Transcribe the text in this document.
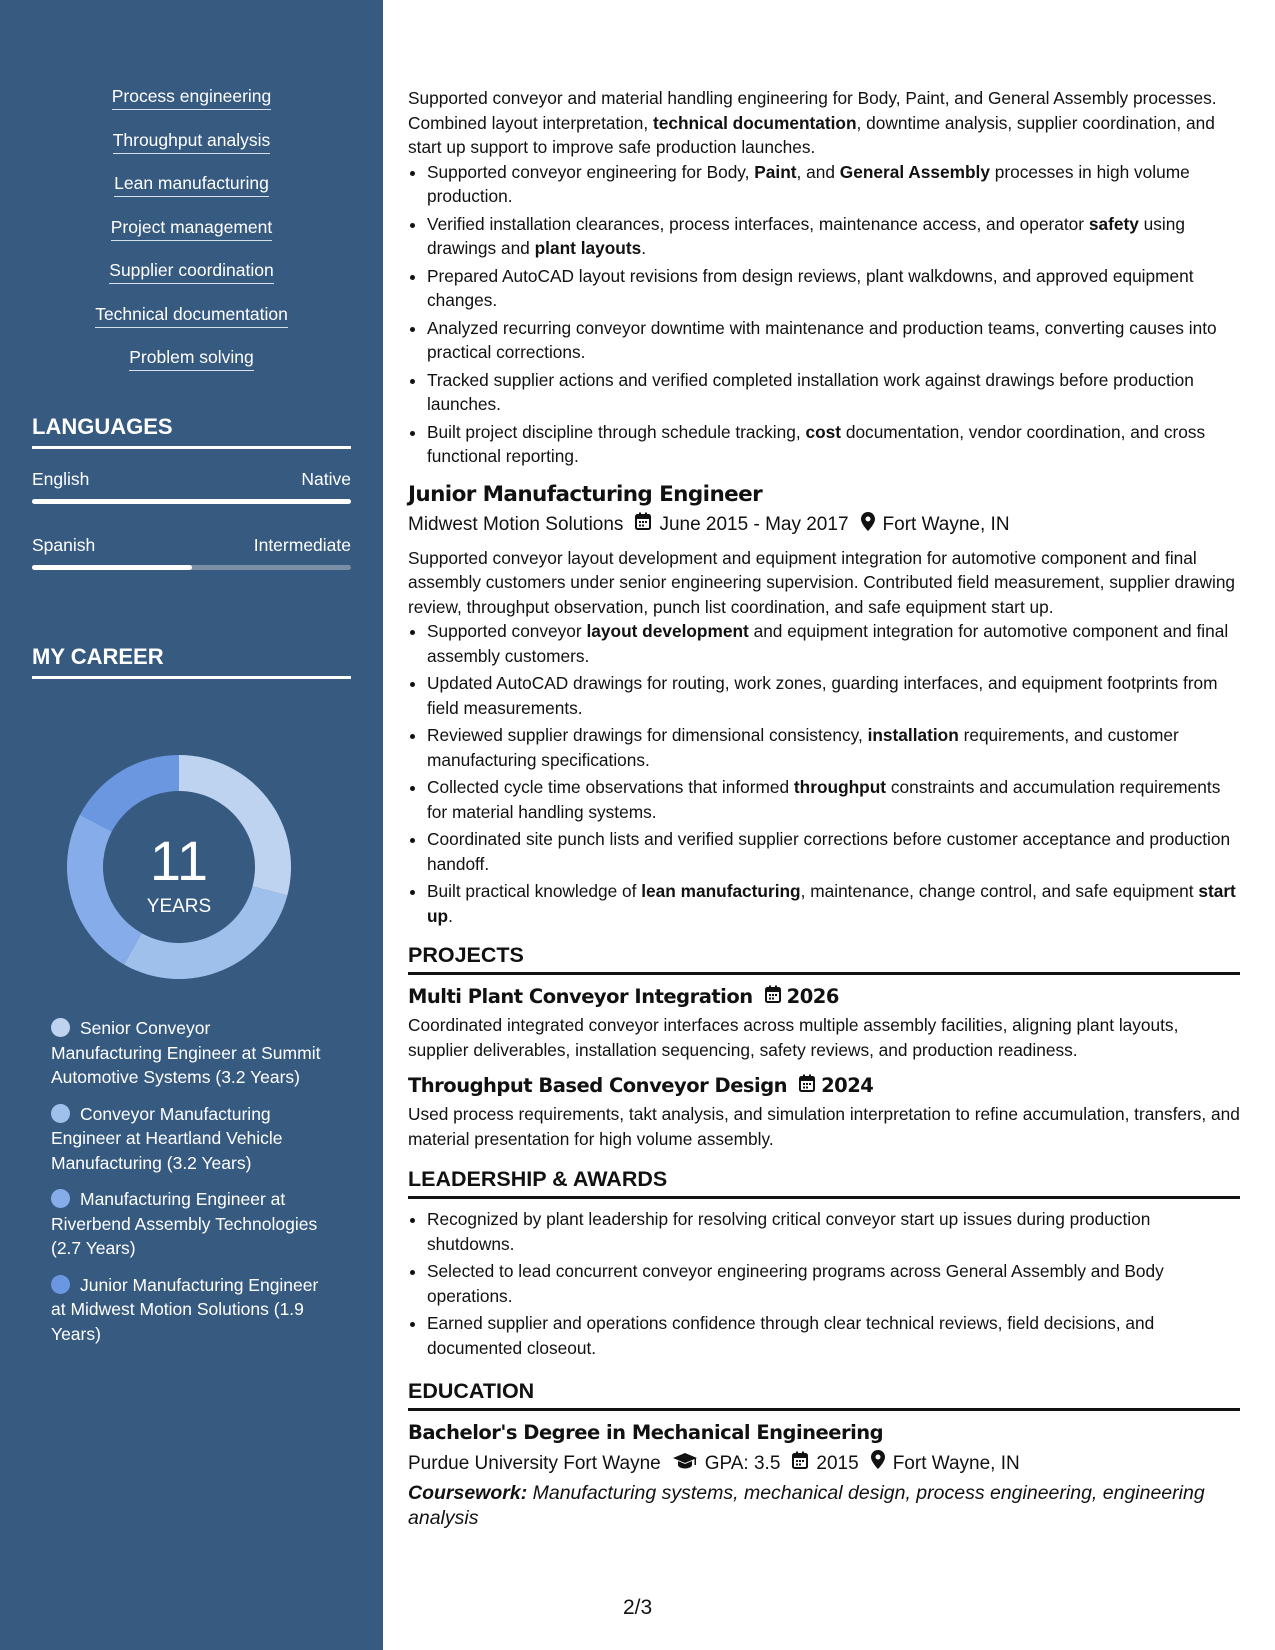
Process engineering
Throughput analysis
Lean manufacturing
Project management
Supplier coordination
Technical documentation
Problem solving
LANGUAGES
English	Native
Spanish	Intermediate
MY CAREER
11
YEARS
Senior Conveyor Manufacturing Engineer at Summit Automotive Systems (3.2 Years)
Conveyor Manufacturing Engineer at Heartland Vehicle Manufacturing (3.2 Years)
Manufacturing Engineer at Riverbend Assembly Technologies (2.7 Years)
Junior Manufacturing Engineer at Midwest Motion Solutions (1.9 Years)

Supported conveyor and material handling engineering for Body, Paint, and General Assembly processes. Combined layout interpretation, technical documentation, downtime analysis, supplier coordination, and start up support to improve safe production launches.

• Supported conveyor engineering for Body, Paint, and General Assembly processes in high volume production.
• Verified installation clearances, process interfaces, maintenance access, and operator safety using drawings and plant layouts.
• Prepared AutoCAD layout revisions from design reviews, plant walkdowns, and approved equipment changes.
• Analyzed recurring conveyor downtime with maintenance and production teams, converting causes into practical corrections.
• Tracked supplier actions and verified completed installation work against drawings before production launches.
• Built project discipline through schedule tracking, cost documentation, vendor coordination, and cross functional reporting.
Junior Manufacturing Engineer
Midwest Motion Solutions June 2015 - May 2017 Fort Wayne, IN

Supported conveyor layout development and equipment integration for automotive component and final assembly customers under senior engineering supervision. Contributed field measurement, supplier drawing review, throughput observation, punch list coordination, and safe equipment start up.

• Supported conveyor layout development and equipment integration for automotive component and final assembly customers.
• Updated AutoCAD drawings for routing, work zones, guarding interfaces, and equipment footprints from field measurements.
• Reviewed supplier drawings for dimensional consistency, installation requirements, and customer manufacturing specifications.
• Collected cycle time observations that informed throughput constraints and accumulation requirements for material handling systems.
• Coordinated site punch lists and verified supplier corrections before customer acceptance and production handoff.
• Built practical knowledge of lean manufacturing, maintenance, change control, and safe equipment start up.
PROJECTS
Multi Plant Conveyor Integration 2026

Coordinated integrated conveyor interfaces across multiple assembly facilities, aligning plant layouts, supplier deliverables, installation sequencing, safety reviews, and production readiness.

Throughput Based Conveyor Design 2024

Used process requirements, takt analysis, and simulation interpretation to refine accumulation, transfers, and material presentation for high volume assembly.

LEADERSHIP & AWARDS
• Recognized by plant leadership for resolving critical conveyor start up issues during production shutdowns.
• Selected to lead concurrent conveyor engineering programs across General Assembly and Body operations.
• Earned supplier and operations confidence through clear technical reviews, field decisions, and documented closeout.
EDUCATION
Bachelor's Degree in Mechanical Engineering
Purdue University Fort Wayne GPA: 3.5 2015 Fort Wayne, IN
Coursework: Manufacturing systems, mechanical design, process engineering, engineering analysis
2/3
